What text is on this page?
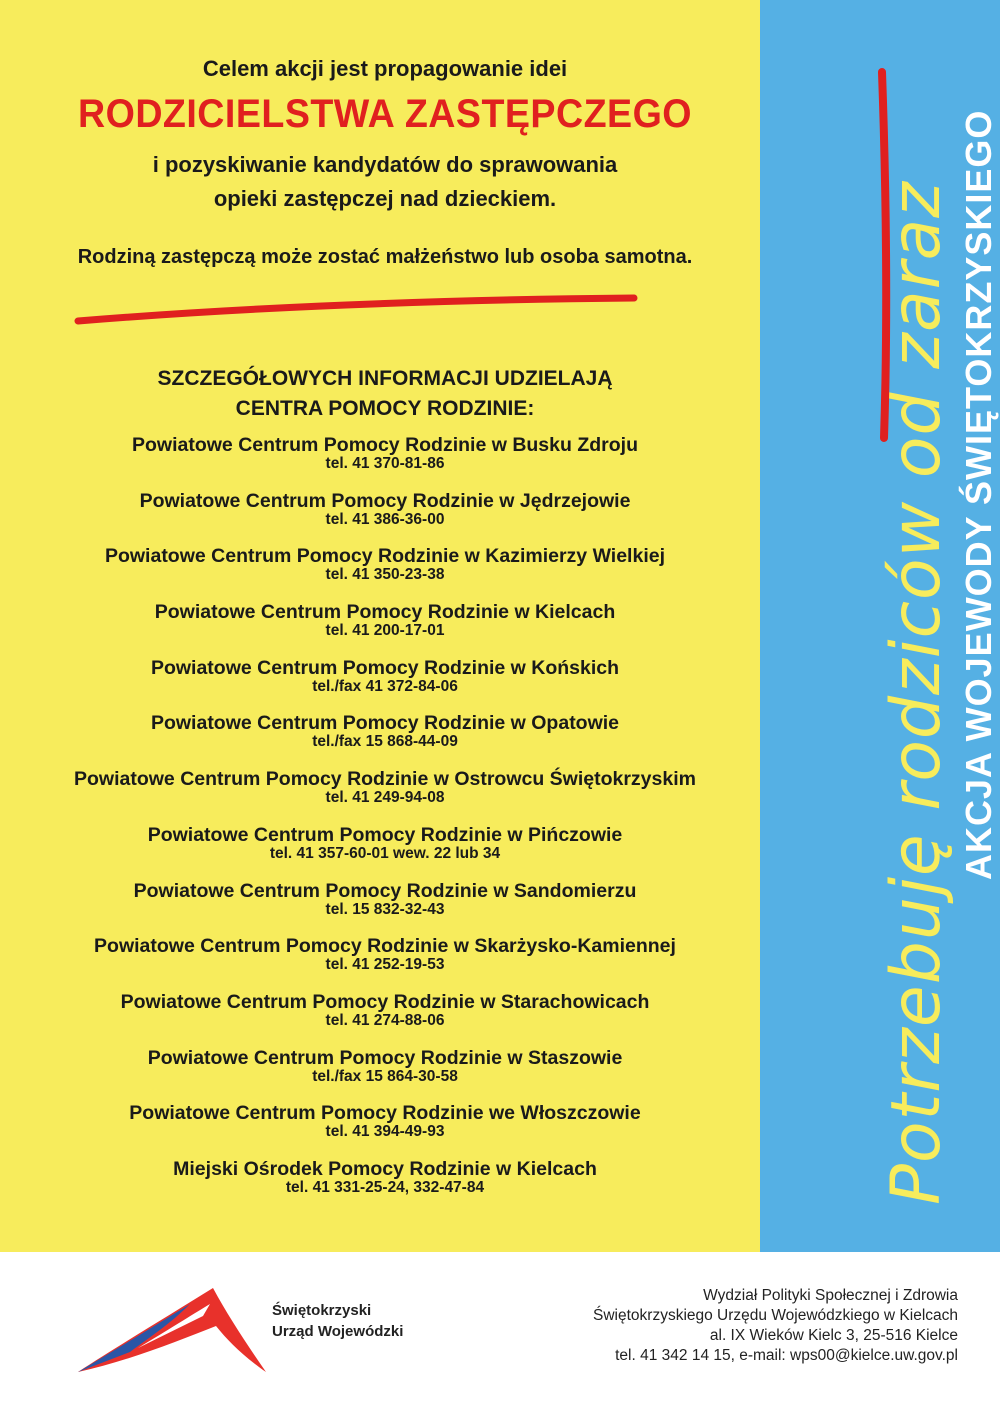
Celem akcji jest propagowanie idei
RODZICIELSTWA ZASTĘPCZEGO
i pozyskiwanie kandydatów do sprawowania
opieki zastępczej nad dzieckiem.
Rodziną zastępczą może zostać małżeństwo lub osoba samotna.
SZCZEGÓŁOWYCH INFORMACJI UDZIELAJĄ
CENTRA POMOCY RODZINIE:
Powiatowe Centrum Pomocy Rodzinie w Busku Zdroju
tel. 41 370-81-86
Powiatowe Centrum Pomocy Rodzinie w Jędrzejowie
tel. 41 386-36-00
Powiatowe Centrum Pomocy Rodzinie w Kazimierzy Wielkiej
tel. 41 350-23-38
Powiatowe Centrum Pomocy Rodzinie w Kielcach
tel. 41 200-17-01
Powiatowe Centrum Pomocy Rodzinie w Końskich
tel./fax 41 372-84-06
Powiatowe Centrum Pomocy Rodzinie w Opatowie
tel./fax 15 868-44-09
Powiatowe Centrum Pomocy Rodzinie w Ostrowcu Świętokrzyskim
tel. 41 249-94-08
Powiatowe Centrum Pomocy Rodzinie w Pińczowie
tel. 41 357-60-01 wew. 22 lub 34
Powiatowe Centrum Pomocy Rodzinie w Sandomierzu
tel. 15 832-32-43
Powiatowe Centrum Pomocy Rodzinie w Skarżysko-Kamiennej
tel. 41 252-19-53
Powiatowe Centrum Pomocy Rodzinie w Starachowicach
tel. 41 274-88-06
Powiatowe Centrum Pomocy Rodzinie w Staszowie
tel./fax 15 864-30-58
Powiatowe Centrum Pomocy Rodzinie we Włoszczowie
tel. 41 394-49-93
Miejski Ośrodek Pomocy Rodzinie w Kielcach
tel. 41 331-25-24, 332-47-84	Potrzebuję rodziców od zaraz AKCJA WOJEWODY ŚWIĘTOKRZYSKIEGO
Świętokrzyski
Urząd Wojewódzki
Wydział Polityki Społecznej i Zdrowia
Świętokrzyskiego Urzędu Wojewódzkiego w Kielcach
al. IX Wieków Kielc 3, 25-516 Kielce
tel. 41 342 14 15, e-mail: wps00@kielce.uw.gov.pl
